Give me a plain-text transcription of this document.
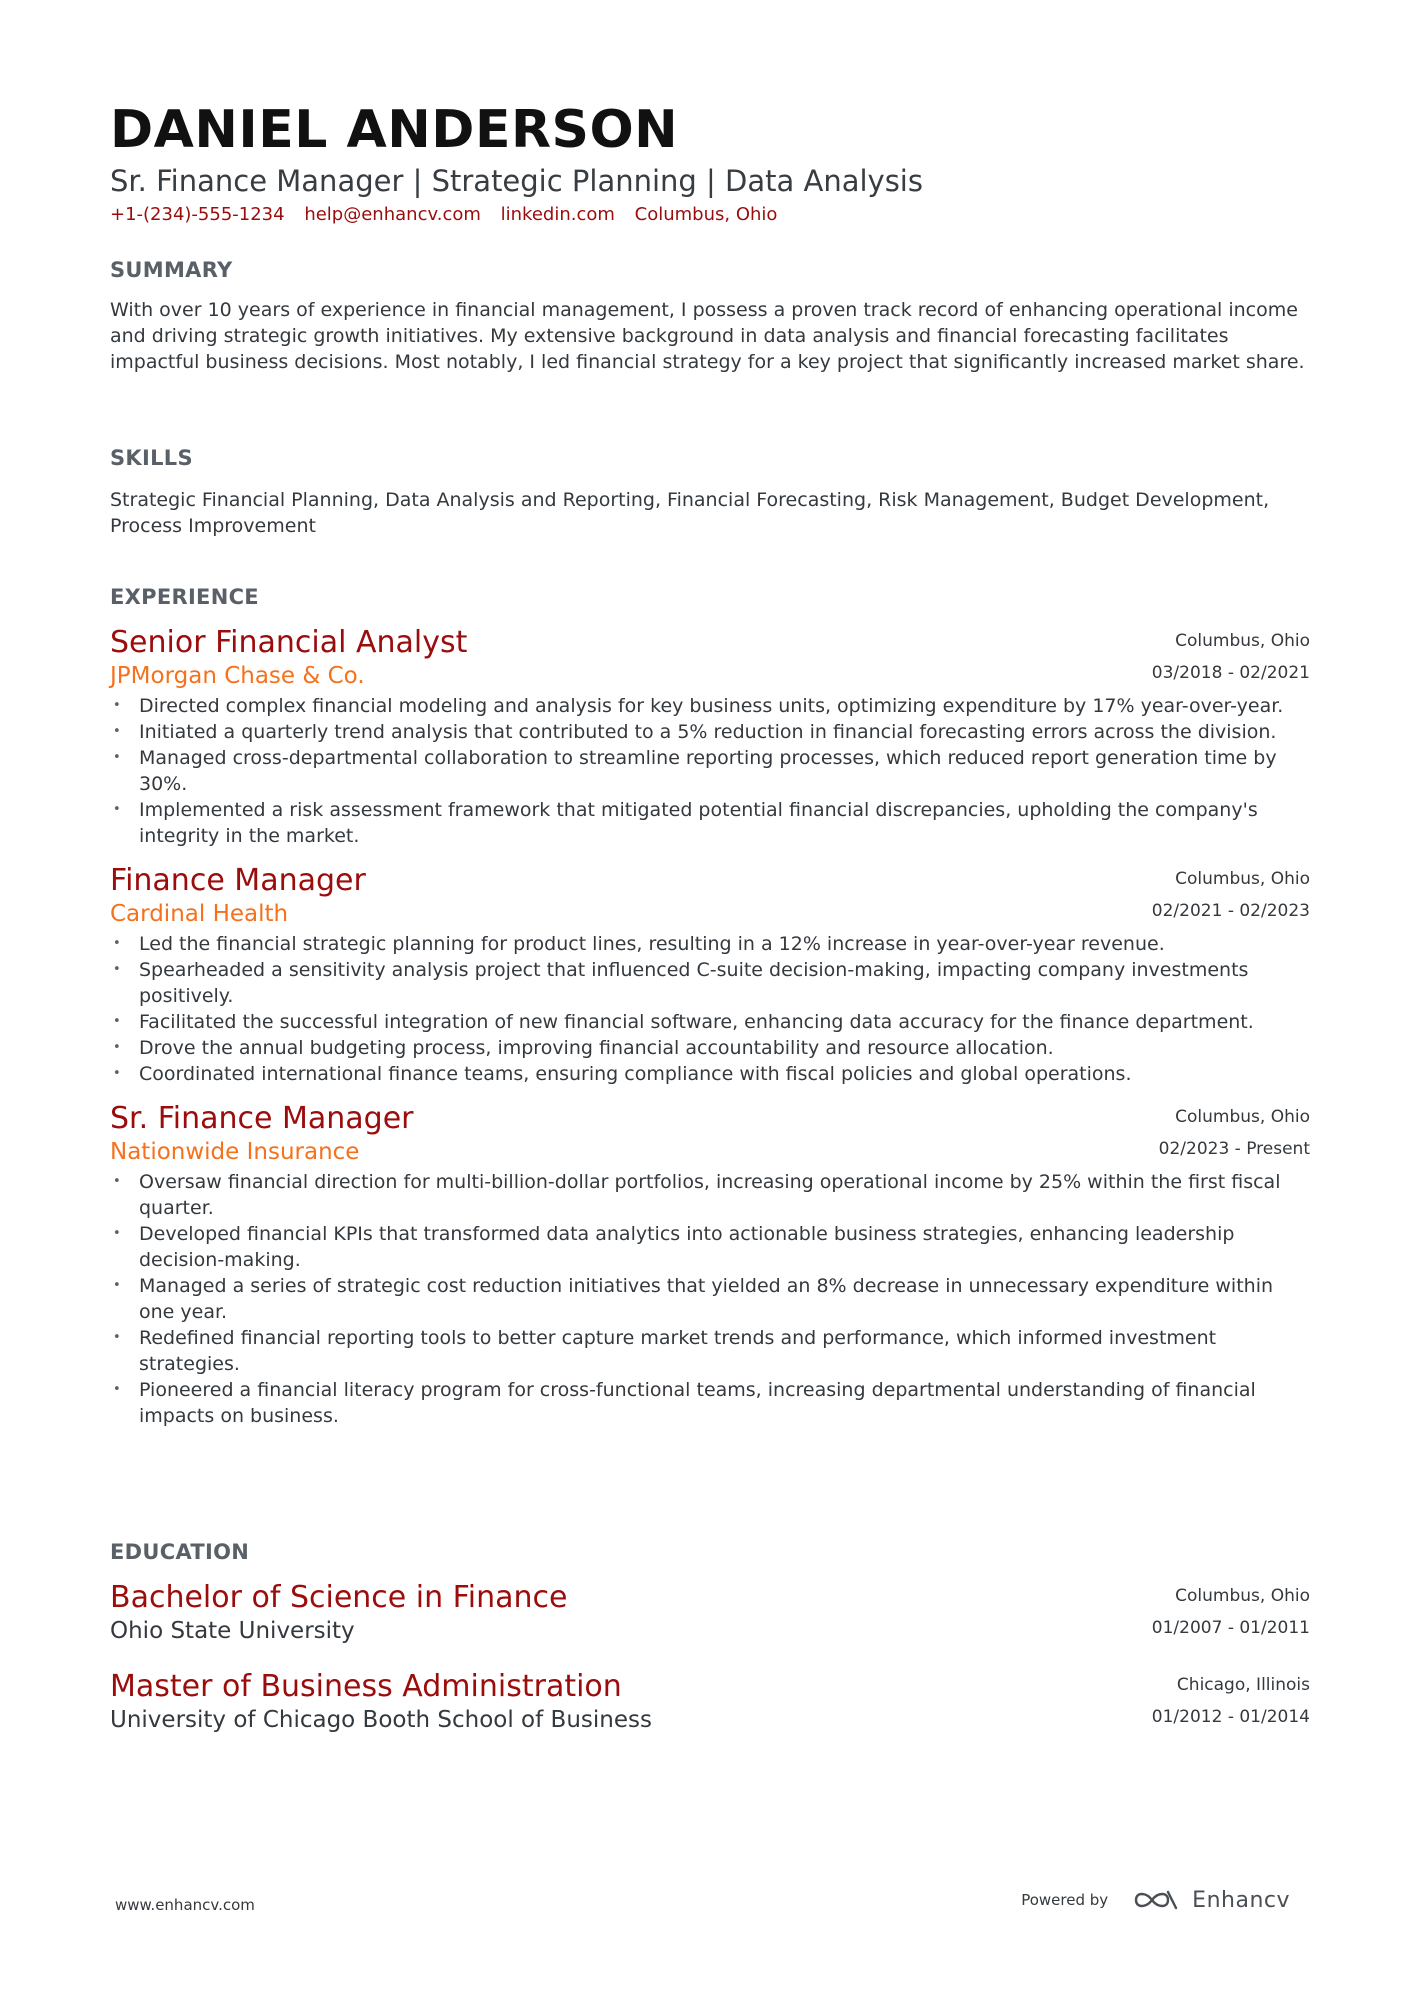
DANIEL ANDERSON
Sr. Finance Manager | Strategic Planning | Data Analysis
+1-(234)-555-1234 help@enhancv.com linkedin.com Columbus, Ohio
SUMMARY
With over 10 years of experience in financial management, I possess a proven track record of enhancing operational income and driving strategic growth initiatives. My extensive background in data analysis and financial forecasting facilitates impactful business decisions. Most notably, I led financial strategy for a key project that significantly increased market share.
SKILLS
Strategic Financial Planning, Data Analysis and Reporting, Financial Forecasting, Risk Management, Budget Development, Process Improvement
EXPERIENCE
Senior Financial Analyst
JPMorgan Chase & Co.
Columbus, Ohio
03/2018 - 02/2021
• Directed complex financial modeling and analysis for key business units, optimizing expenditure by 17% year-over-year.
• Initiated a quarterly trend analysis that contributed to a 5% reduction in financial forecasting errors across the division.
• Managed cross-departmental collaboration to streamline reporting processes, which reduced report generation time by 30%.
• Implemented a risk assessment framework that mitigated potential financial discrepancies, upholding the company's integrity in the market.
Finance Manager
Cardinal Health
Columbus, Ohio
02/2021 - 02/2023
• Led the financial strategic planning for product lines, resulting in a 12% increase in year-over-year revenue.
• Spearheaded a sensitivity analysis project that influenced C-suite decision-making, impacting company investments positively.
• Facilitated the successful integration of new financial software, enhancing data accuracy for the finance department.
• Drove the annual budgeting process, improving financial accountability and resource allocation.
• Coordinated international finance teams, ensuring compliance with fiscal policies and global operations.
Sr. Finance Manager
Nationwide Insurance
Columbus, Ohio
02/2023 - Present
• Oversaw financial direction for multi-billion-dollar portfolios, increasing operational income by 25% within the first fiscal quarter.
• Developed financial KPIs that transformed data analytics into actionable business strategies, enhancing leadership decision-making.
• Managed a series of strategic cost reduction initiatives that yielded an 8% decrease in unnecessary expenditure within one year.
• Redefined financial reporting tools to better capture market trends and performance, which informed investment strategies.
• Pioneered a financial literacy program for cross-functional teams, increasing departmental understanding of financial impacts on business.
EDUCATION
Bachelor of Science in Finance
Ohio State University
Columbus, Ohio
01/2007 - 01/2011
Master of Business Administration
University of Chicago Booth School of Business
Chicago, Illinois
01/2012 - 01/2014
www.enhancv.com	Powered by	Enhancv
